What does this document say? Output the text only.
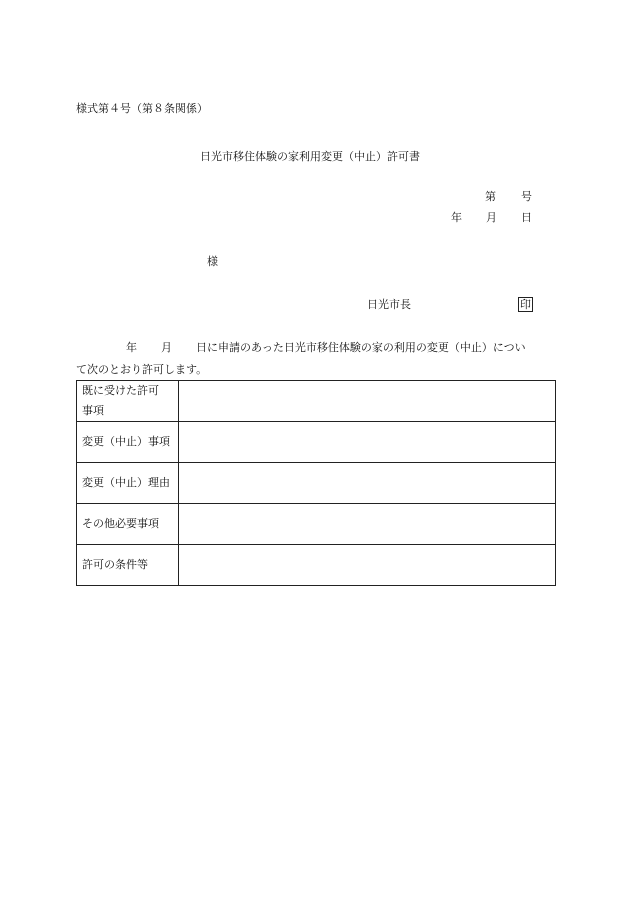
様式第４号（第８条関係）
日光市移住体験の家利用変更（中止）許可書
第 号
年 月 日
様
日光市長	印
年 月 日に申請のあった日光市移住体験の家の利用の変更（中止）につい
て次のとおり許可します。
既に受けた許可
事項	

変更（中止）事項	
変更（中止）理由	
その他必要事項	
許可の条件等	
